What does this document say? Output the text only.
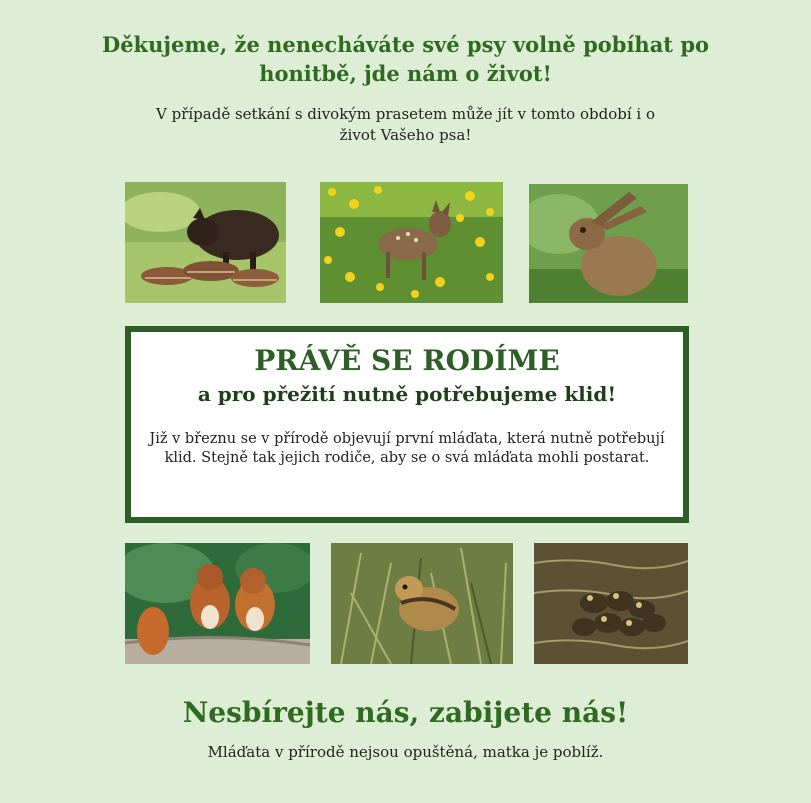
Děkujeme, že nenecháváte své psy volně pobíhat po honitbě, jde nám o život!
V případě setkání s divokým prasetem může jít v tomto období i o život Vašeho psa!
PRÁVĚ SE RODÍME
a pro přežití nutně potřebujeme klid!
Již v březnu se v přírodě objevují první mláďata, která nutně potřebují klid. Stejně tak jejich rodiče, aby se o svá mláďata mohli postarat.
Nesbírejte nás, zabijete nás!
Mláďata v přírodě nejsou opuštěná, matka je poblíž.
